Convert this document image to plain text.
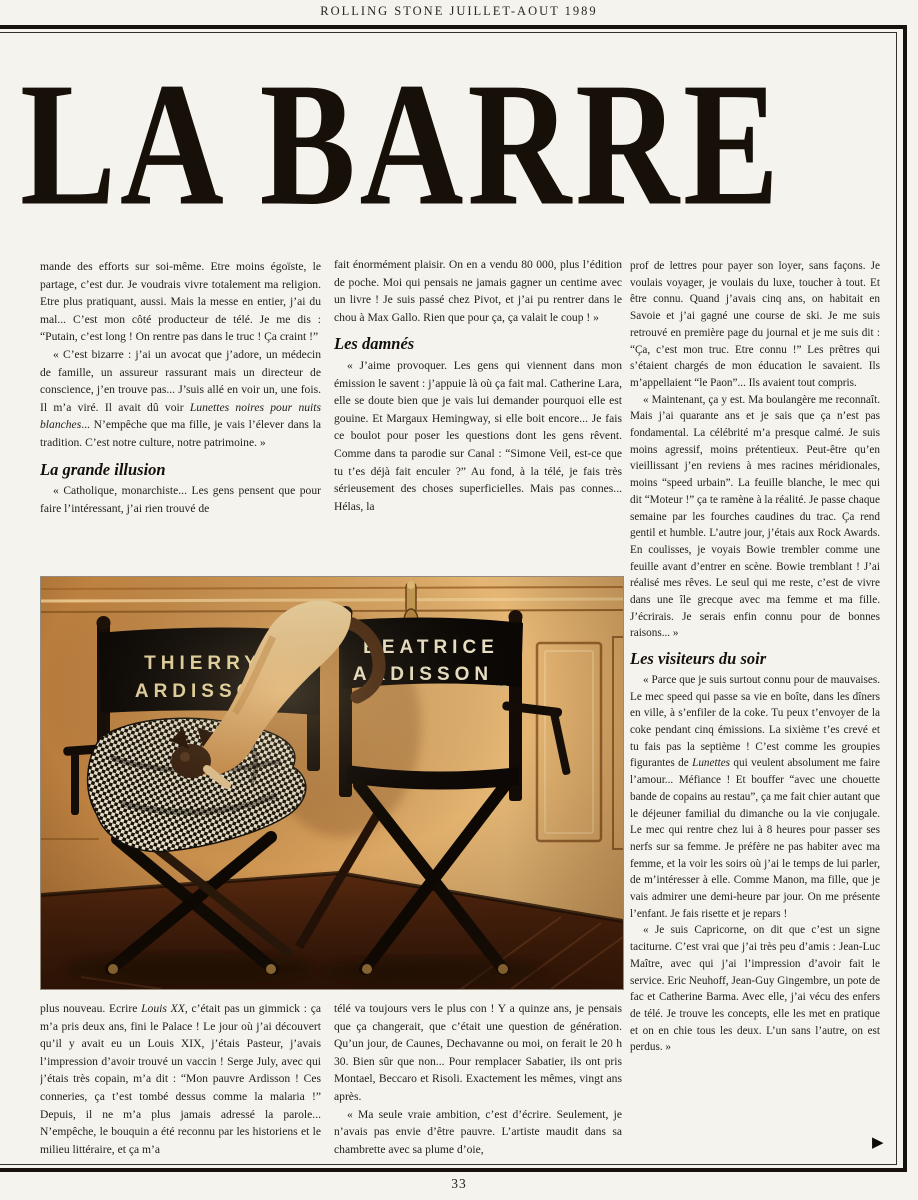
ROLLING STONE JUILLET-AOUT 1989
LA BARRE

mande des efforts sur soi-même. Etre moins égoïste, le partage, c’est dur. Je voudrais vivre totalement ma religion. Etre plus pratiquant, aussi. Mais la messe en entier, j’ai du mal... C’est mon côté producteur de télé. Je me dis : “Putain, c’est long ! On rentre pas dans le truc ! Ça craint !”

« C’est bizarre : j’ai un avocat que j’adore, un médecin de famille, un assureur rassurant mais un directeur de conscience, j’en trouve pas... J’suis allé en voir un, une fois. Il m’a viré. Il avait dû voir Lunettes noires pour nuits blanches... N’empêche que ma fille, je vais l’élever dans la tradition. C’est notre culture, notre patrimoine. »

La grande illusion

« Catholique, monarchiste... Les gens pensent que pour faire l’intéressant, j’ai rien trouvé de

fait énormément plaisir. On en a vendu 80 000, plus l’édition de poche. Moi qui pensais ne jamais gagner un centime avec un livre ! Je suis passé chez Pivot, et j’ai pu rentrer dans le chou à Max Gallo. Rien que pour ça, ça valait le coup ! »

Les damnés

« J’aime provoquer. Les gens qui viennent dans mon émission le savent : j’appuie là où ça fait mal. Catherine Lara, elle se doute bien que je vais lui demander pourquoi elle est gouine. Et Margaux Hemingway, si elle boit encore... Je fais ce boulot pour poser les questions dont les gens rêvent. Comme dans ta parodie sur Canal : “Simone Veil, est-ce que tu t’es déjà fait enculer ?” Au fond, à la télé, je fais très sérieusement des choses superficielles. Mais pas connes... Hélas, la

prof de lettres pour payer son loyer, sans façons. Je voulais voyager, je voulais du luxe, toucher à tout. Et être connu. Quand j’avais cinq ans, on habitait en Savoie et j’ai gagné une course de ski. Je me suis retrouvé en première page du journal et je me suis dit : “Ça, c’est mon truc. Etre connu !” Les prêtres qui s’étaient chargés de mon éducation le savaient. Ils m’appellaient “le Paon”... Ils avaient tout compris.

« Maintenant, ça y est. Ma boulangère me reconnaît. Mais j’ai quarante ans et je sais que ça n’est pas fondamental. La célébrité m’a presque calmé. Je suis moins agressif, moins prétentieux. Peut-être qu’en vieillissant j’en reviens à mes racines méridionales, moins “speed urbain”. La feuille blanche, le mec qui dit “Moteur !” ça te ramène à la réalité. Je passe chaque semaine par les fourches caudines du trac. Ça rend gentil et humble. L’autre jour, j’étais aux Rock Awards. En coulisses, je voyais Bowie trembler comme une feuille avant d’entrer en scène. Bowie tremblant ! J’ai réalisé mes rêves. Le seul qui me reste, c’est de vivre dans une île grecque avec ma femme et ma fille. J’écrirais. Je serais enfin connu pour de bonnes raisons... »

Les visiteurs du soir

« Parce que je suis surtout connu pour de mauvaises. Le mec speed qui passe sa vie en boîte, dans les dîners en ville, à s’enfiler de la coke. Tu peux t’envoyer de la coke pendant cinq émissions. La sixième t’es crevé et tu fais pas la septième ! C’est comme les groupies figurantes de Lunettes qui veulent absolument me faire l’amour... Méfiance ! Et bouffer “avec une chouette bande de copains au restau”, ça me fait chier autant que le déjeuner familial du dimanche ou la vie conjugale. Le mec qui rentre chez lui à 8 heures pour passer ses nerfs sur sa femme. Je préfère ne pas habiter avec ma femme, et la voir les soirs où j’ai le temps de lui parler, de m’intéresser à elle. Comme Manon, ma fille, que je vais admirer une demi-heure par jour. On me présente l’enfant. Je fais risette et je repars !

« Je suis Capricorne, on dit que c’est un signe taciturne. C’est vrai que j’ai très peu d’amis : Jean-Luc Maître, avec qui j’ai l’impression d’avoir fait le service. Eric Neuhoff, Jean-Guy Gingembre, un pote de fac et Catherine Barma. Avec elle, j’ai vécu des enfers de télé. Je trouve les concepts, elle les met en pratique et on en chie tous les deux. L’un sans l’autre, on est perdus. »

plus nouveau. Ecrire Louis XX, c’était pas un gimmick : ça m’a pris deux ans, fini le Palace ! Le jour où j’ai découvert qu’il y avait eu un Louis XIX, j’étais Pasteur, j’avais l’impression d’avoir trouvé un vaccin ! Serge July, avec qui j’étais très copain, m’a dit : “Mon pauvre Ardisson ! Ces conneries, ça t’est tombé dessus comme la malaria !” Depuis, il ne m’a plus jamais adressé la parole... N’empêche, le bouquin a été reconnu par les historiens et le milieu littéraire, et ça m’a

télé va toujours vers le plus con ! Y a quinze ans, je pensais que ça changerait, que c’était une question de génération. Qu’un jour, de Caunes, Dechavanne ou moi, on ferait le 20 h 30. Bien sûr que non... Pour remplacer Sabatier, ils ont pris Montael, Beccaro et Risoli. Exactement les mêmes, vingt ans après.

« Ma seule vraie ambition, c’est d’écrire. Seulement, je n’avais pas envie d’être pauvre. L’artiste maudit dans sa chambrette avec sa plume d’oie,	▶
33
